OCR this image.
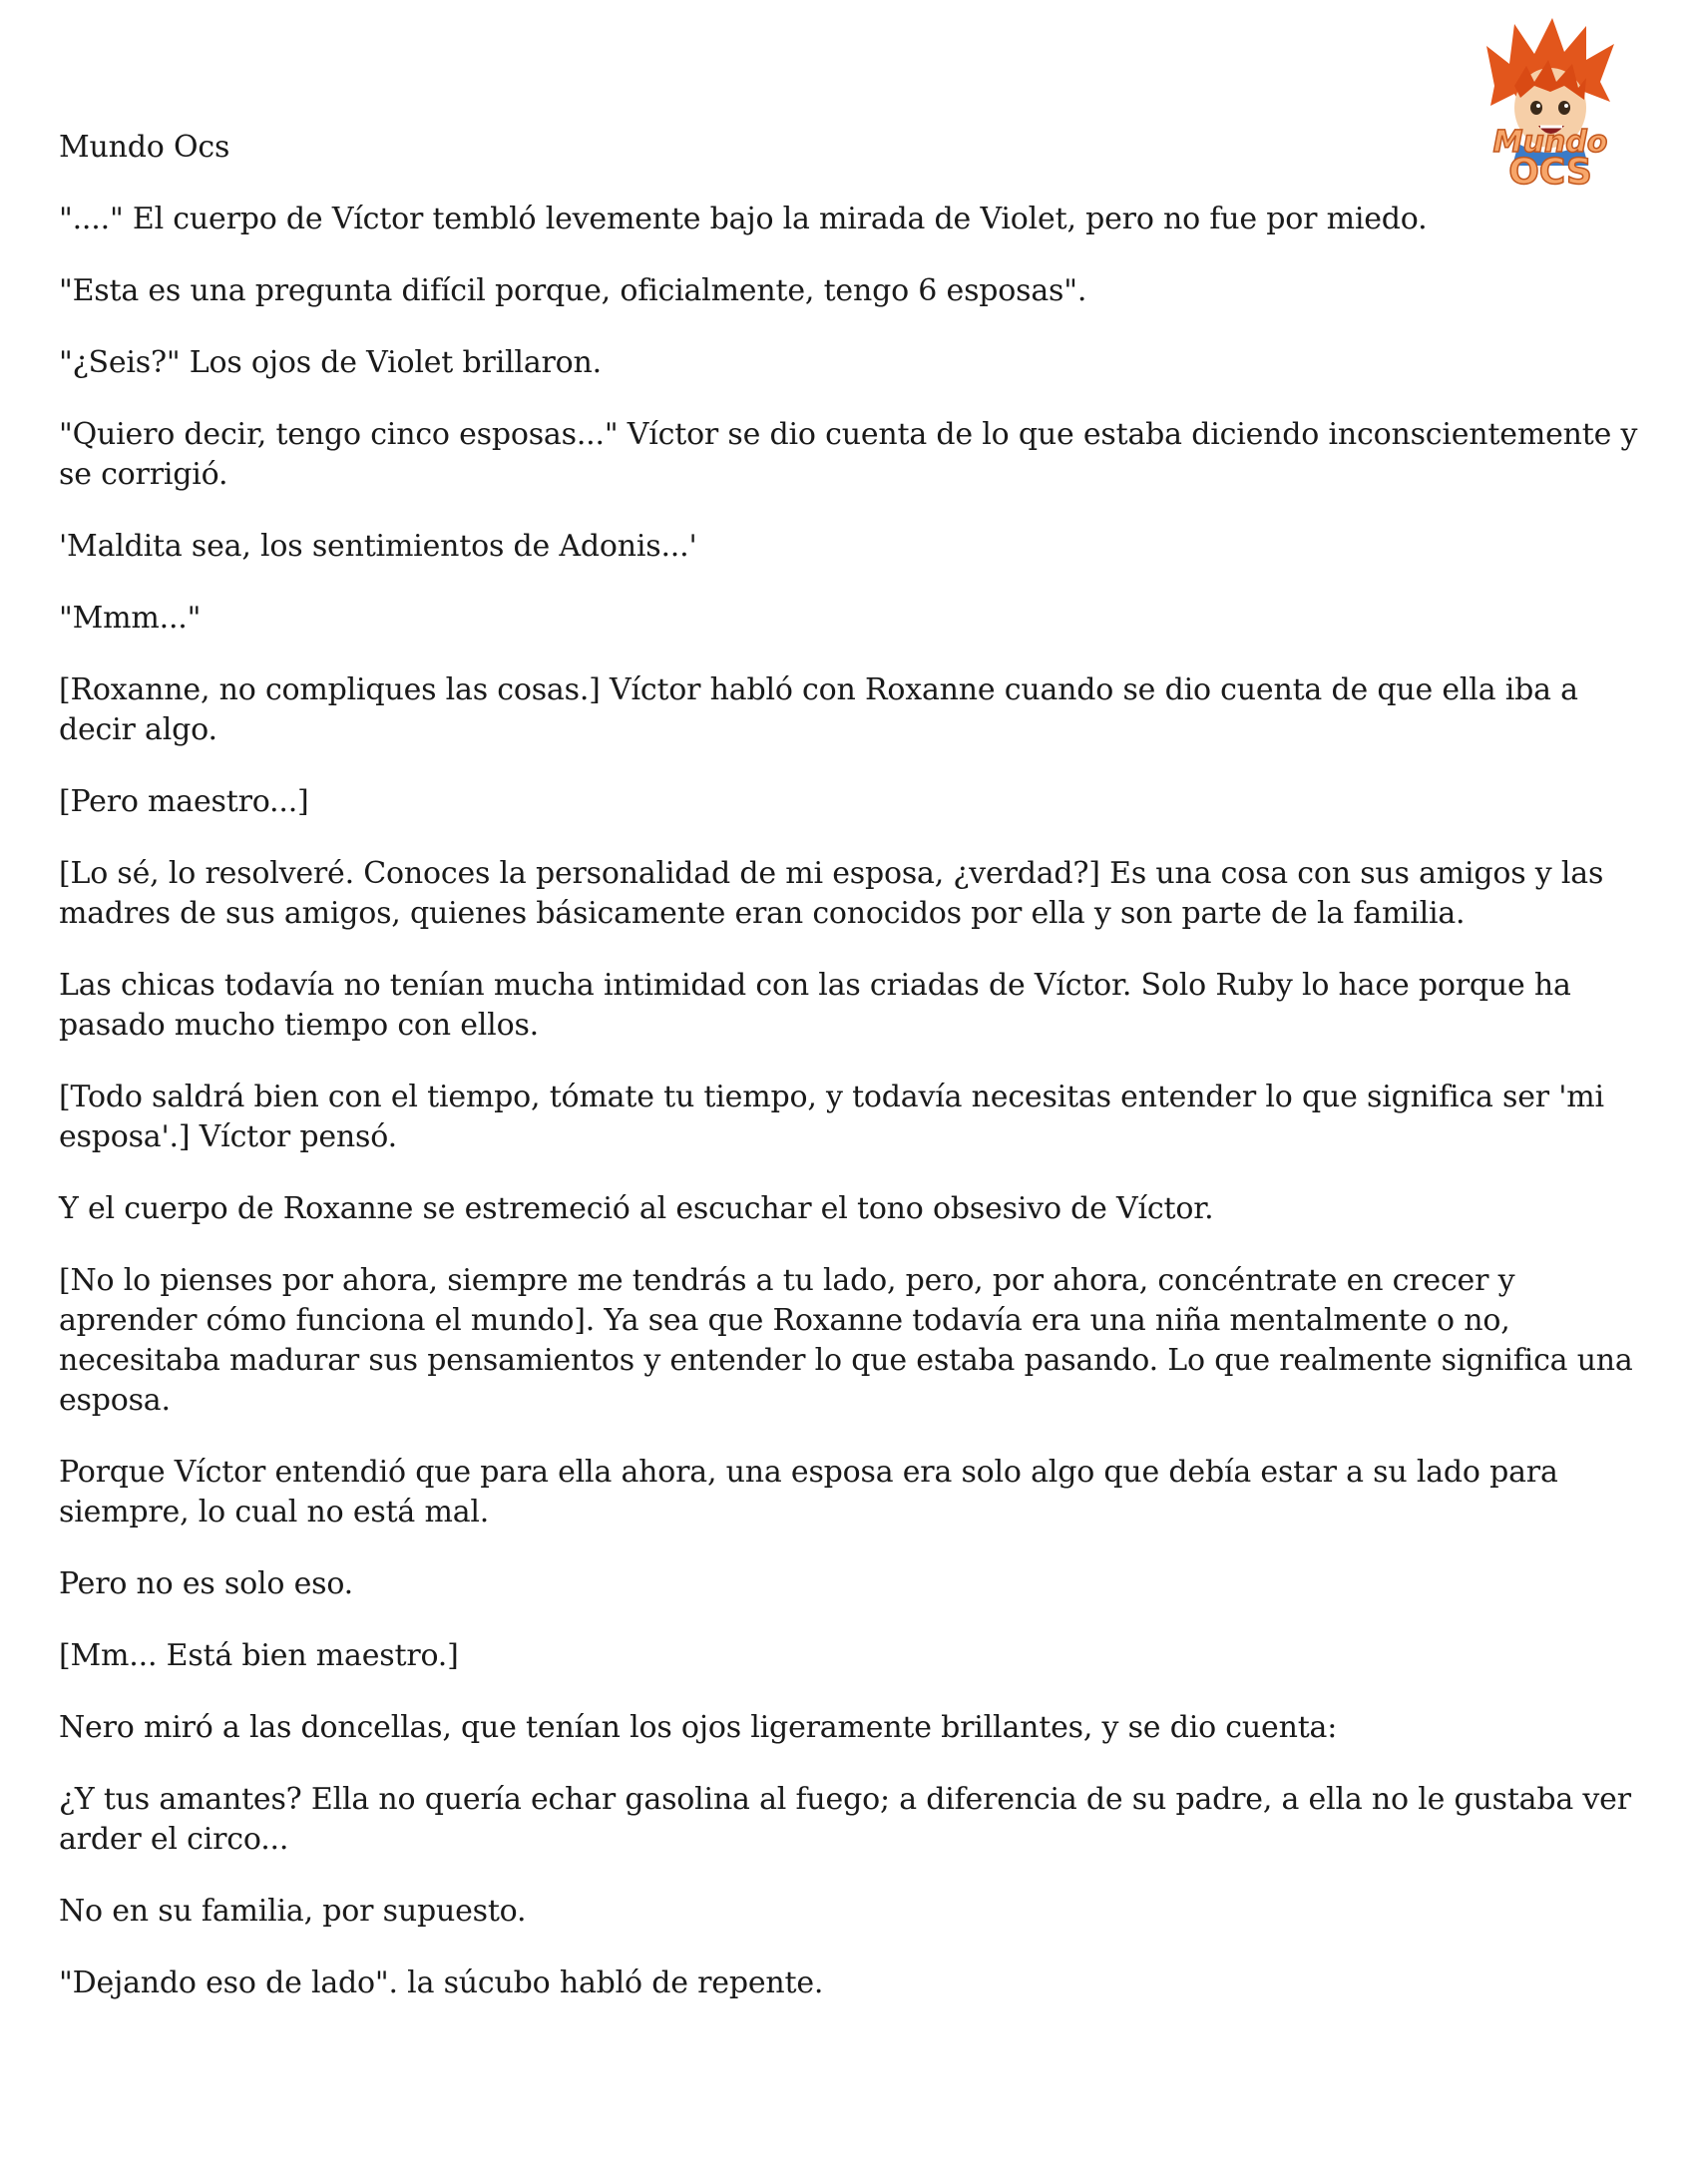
Mundo
OCS

Mundo Ocs

"...." El cuerpo de Víctor tembló levemente bajo la mirada de Violet, pero no fue por miedo.

"Esta es una pregunta difícil porque, oficialmente, tengo 6 esposas".

"¿Seis?" Los ojos de Violet brillaron.

"Quiero decir, tengo cinco esposas..." Víctor se dio cuenta de lo que estaba diciendo inconscientemente y se corrigió.

'Maldita sea, los sentimientos de Adonis...'

"Mmm..."

[Roxanne, no compliques las cosas.] Víctor habló con Roxanne cuando se dio cuenta de que ella iba a decir algo.

[Pero maestro...]

[Lo sé, lo resolveré. Conoces la personalidad de mi esposa, ¿verdad?] Es una cosa con sus amigos y las madres de sus amigos, quienes básicamente eran conocidos por ella y son parte de la familia.

Las chicas todavía no tenían mucha intimidad con las criadas de Víctor. Solo Ruby lo hace porque ha pasado mucho tiempo con ellos.

[Todo saldrá bien con el tiempo, tómate tu tiempo, y todavía necesitas entender lo que significa ser 'mi esposa'.] Víctor pensó.

Y el cuerpo de Roxanne se estremeció al escuchar el tono obsesivo de Víctor.

[No lo pienses por ahora, siempre me tendrás a tu lado, pero, por ahora, concéntrate en crecer y aprender cómo funciona el mundo]. Ya sea que Roxanne todavía era una niña mentalmente o no, necesitaba madurar sus pensamientos y entender lo que estaba pasando. Lo que realmente significa una esposa.

Porque Víctor entendió que para ella ahora, una esposa era solo algo que debía estar a su lado para siempre, lo cual no está mal.

Pero no es solo eso.

[Mm... Está bien maestro.]

Nero miró a las doncellas, que tenían los ojos ligeramente brillantes, y se dio cuenta:

¿Y tus amantes? Ella no quería echar gasolina al fuego; a diferencia de su padre, a ella no le gustaba ver arder el circo...

No en su familia, por supuesto.

"Dejando eso de lado". la súcubo habló de repente.
